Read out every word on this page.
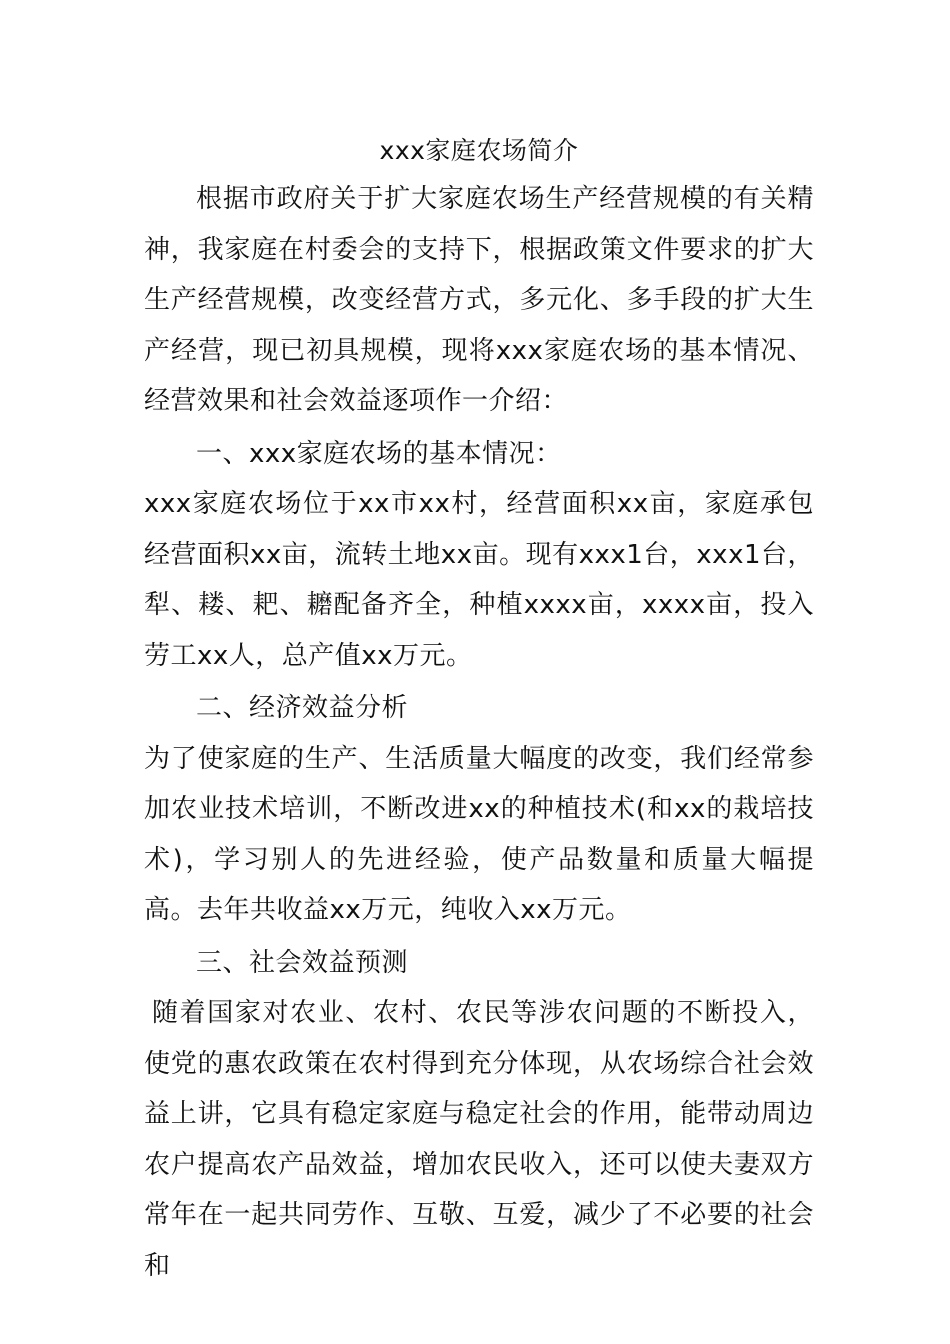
xxx家庭农场简介

根据市政府关于扩大家庭农场生产经营规模的有关精神，我家庭在村委会的支持下，根据政策文件要求的扩大生产经营规模，改变经营方式，多元化、多手段的扩大生产经营，现已初具规模，现将xxx家庭农场的基本情况、经营效果和社会效益逐项作一介绍：

一、xxx家庭农场的基本情况：

xxx家庭农场位于xx市xx村，经营面积xx亩，家庭承包经营面积xx亩，流转土地xx亩。现有xxx1台，xxx1台，犁、耧、耙、耱配备齐全，种植xxxx亩，xxxx亩，投入劳工xx人，总产值xx万元。

二、经济效益分析

为了使家庭的生产、生活质量大幅度的改变，我们经常参加农业技术培训，不断改进xx的种植技术(和xx的栽培技术)，学习别人的先进经验，使产品数量和质量大幅提高。去年共收益xx万元，纯收入xx万元。

三、社会效益预测

随着国家对农业、农村、农民等涉农问题的不断投入，使党的惠农政策在农村得到充分体现，从农场综合社会效益上讲，它具有稳定家庭与稳定社会的作用，能带动周边农户提高农产品效益，增加农民收入，还可以使夫妻双方常年在一起共同劳作、互敬、互爱，减少了不必要的社会和
